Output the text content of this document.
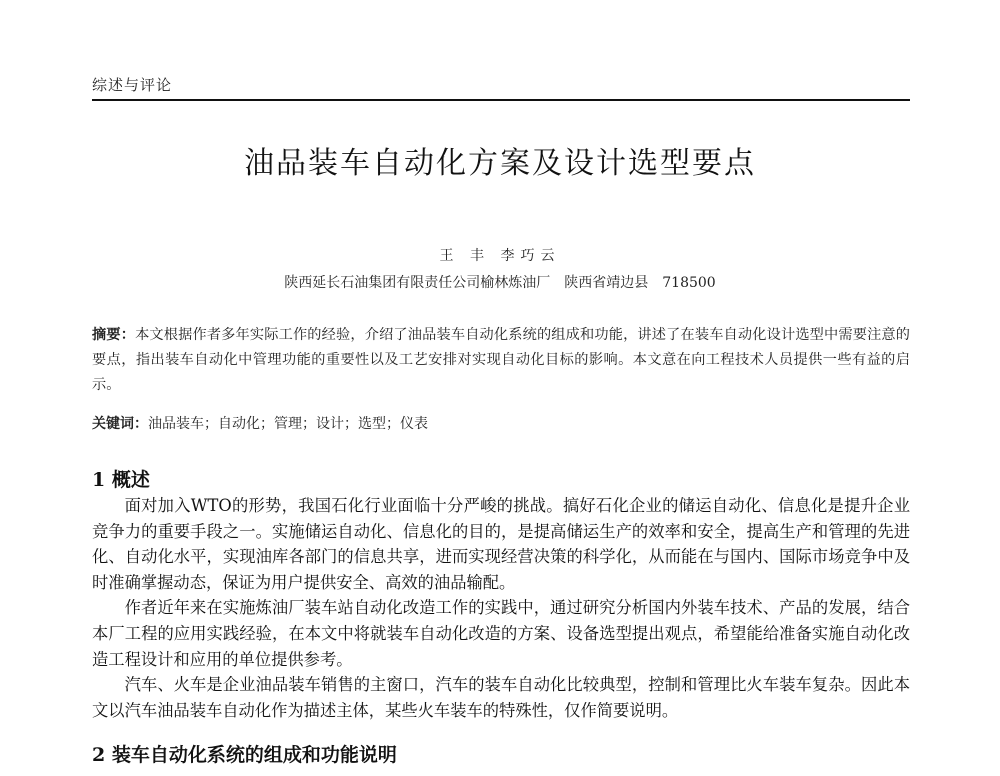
综述与评论
油品装车自动化方案及设计选型要点
王 丰 李巧云
陕西延长石油集团有限责任公司榆林炼油厂 陕西省靖边县 718500
摘要：本文根据作者多年实际工作的经验，介绍了油品装车自动化系统的组成和功能，讲述了在装车自动化设计选型中需要注意的要点，指出装车自动化中管理功能的重要性以及工艺安排对实现自动化目标的影响。本文意在向工程技术人员提供一些有益的启示。
关键词：油品装车；自动化；管理；设计；选型；仪表
1 概述

面对加入WTO的形势，我国石化行业面临十分严峻的挑战。搞好石化企业的储运自动化、信息化是提升企业竞争力的重要手段之一。实施储运自动化、信息化的目的，是提高储运生产的效率和安全，提高生产和管理的先进化、自动化水平，实现油库各部门的信息共享，进而实现经营决策的科学化，从而能在与国内、国际市场竞争中及时准确掌握动态，保证为用户提供安全、高效的油品输配。

作者近年来在实施炼油厂装车站自动化改造工作的实践中，通过研究分析国内外装车技术、产品的发展，结合本厂工程的应用实践经验，在本文中将就装车自动化改造的方案、设备选型提出观点，希望能给准备实施自动化改造工程设计和应用的单位提供参考。

汽车、火车是企业油品装车销售的主窗口，汽车的装车自动化比较典型，控制和管理比火车装车复杂。因此本文以汽车油品装车自动化作为描述主体，某些火车装车的特殊性，仅作简要说明。

2 装车自动化系统的组成和功能说明
